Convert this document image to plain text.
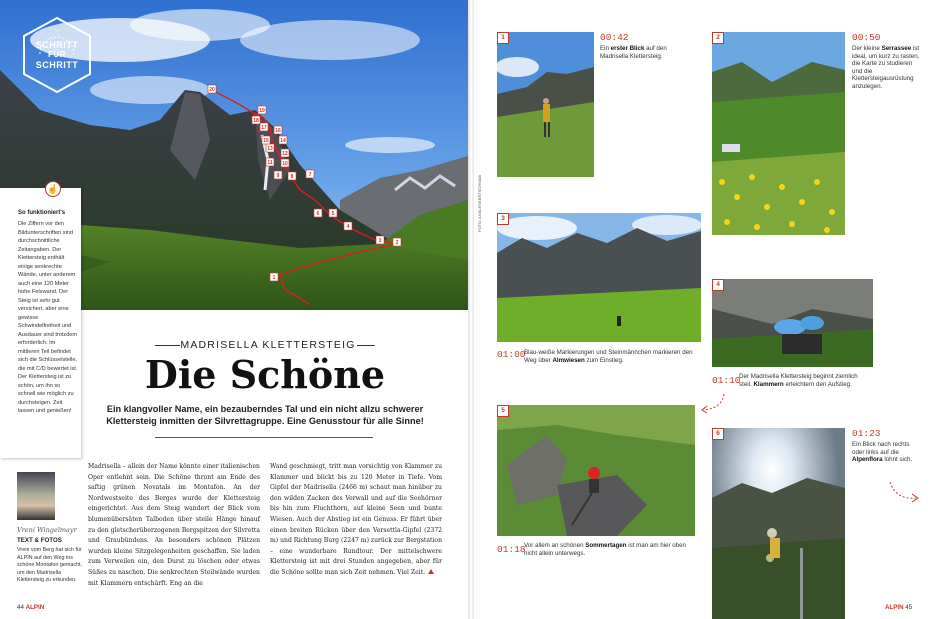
1
2
3
4
5
6
7
8
9
10
11
12
13
14
15
16
17
18
19
20
SCHRITT
FÜR
SCHRITT
FOTO: ANSLENKERTSCHWAB
☝
So funktioniert's
Die Ziffern vor den Bildunterschriften sind durchschnittliche Zeitangaben. Der Klettersteig enthält einige senkrechte Wände, unter anderem auch eine 120 Meter hohe Felswand. Der Steig ist sehr gut versichert, aber eine gewisse Schwindelfreiheit und Ausdauer sind trotzdem erforderlich. Im mittleren Teil befindet sich die Schlüsselstelle, die mit C/D bewertet ist. Der Klettersteig ist zu schön, um ihn so schnell wie möglich zu durchsteigen. Zeit lassen und genießen!
MADRISELLA KLETTERSTEIG
Die Schöne
Ein klangvoller Name, ein bezauberndes Tal und ein nicht allzu schwerer Klettersteig inmitten der Silvrettagruppe. Eine Genusstour für alle Sinne!
Madrisella – allein der Name könnte einer italienischen Oper entlehnt sein. Die Schöne thront am Ende des saftig grünen Novatals im Montafon. An der Nordwestseite des Berges wurde der Klettersteig eingerichtet. Aus dem Steig wandert der Blick vom blumenübersäten Talboden über steile Hänge hinauf zu den gletscherüberzogenen Bergspitzen der Silvretta und Graubündens. An besonders schönen Plätzen wurden kleine Sitzgelegenheiten geschaffen. Sie laden zum Verweilen ein, den Durst zu löschen oder etwas Süßes zu naschen. Die senkrechten Steilwände wurden mit Klammern entschärft. Eng an die
Wand geschmiegt, tritt man vorsichtig von Klammer zu Klammer und blickt bis zu 120 Meter in Tiefe. Vom Gipfel der Madrisella (2466 m) schaut man hinüber zu den wilden Zacken des Verwall und auf die Seehörner bis hin zum Fluchthorn, auf kleine Seen und bunte Wiesen. Auch der Abstieg ist ein Genuss. Er führt über einen breiten Rücken über den Versettla-Gipfel (2372 m) und Richtung Burg (2247 m) zurück zur Bergstation – eine wunderbare Rundtour. Der mittelschwere Klettersteig ist mit drei Stunden angegeben, aber für die Schöne sollte man sich Zeit nehmen. Viel Zeit.
Vreni Wingelmayr
TEXT & FOTOS
Vreni vom Berg hat sich für ALPIN auf den Weg ins schöne Montafon gemacht, um den Madrisella Klettersteig zu erkunden.
44 ALPIN	ALPIN 45
1	00:42
Ein erster Blick auf den Madrisella Klettersteig.
2	00:50
Der kleine Serrassee ist ideal, um kurz zu rasten, die Karte zu studieren und die Klettersteigausrüstung anzulegen.
3
01:00
Blau-weiße Markierungen und Steinmännchen markieren den Weg über Almwiesen zum Einstieg.
4
01:10
Der Madrisella Klettersteig beginnt ziemlich steil. Klammern erleichtern den Aufstieg.
5
01:18
Vor allem an schönen Sommertagen ist man am hier oben nicht allein unterwegs.
6	01:23
Ein Blick nach rechts oder links auf die Alpenflora lohnt sich.
